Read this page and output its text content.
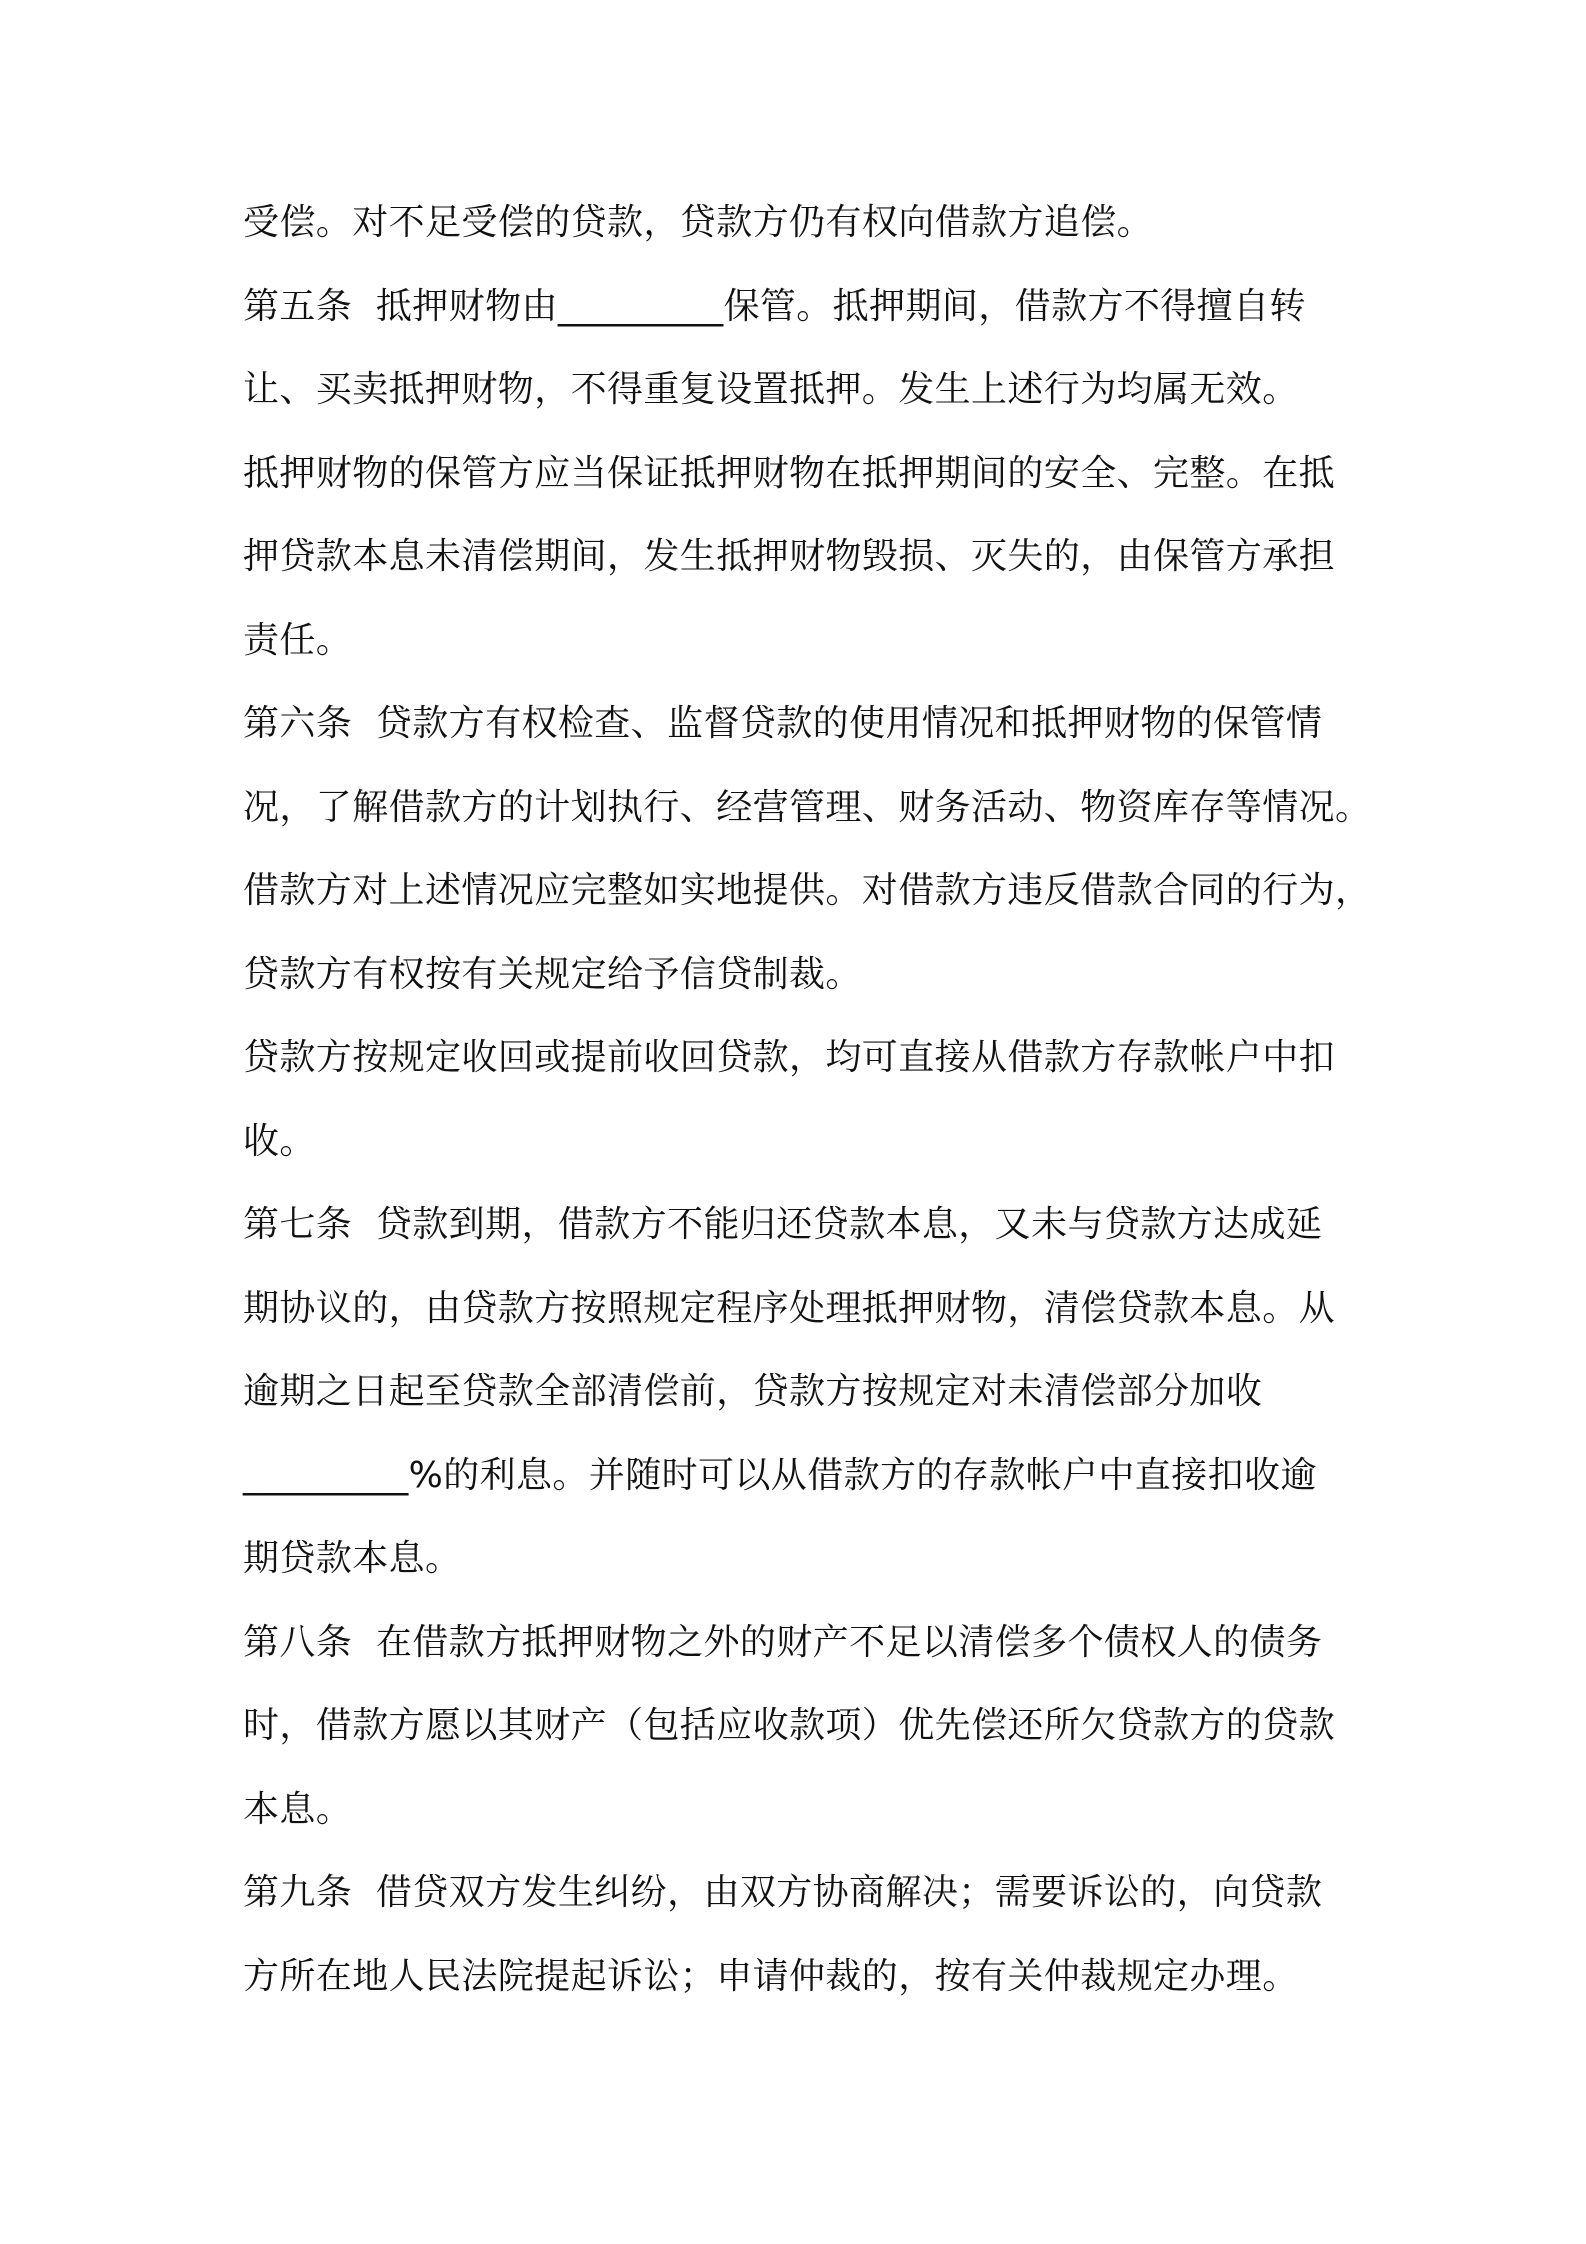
受偿。对不足受偿的贷款，贷款方仍有权向借款方追偿。
第五条  抵押财物由_________保管。抵押期间，借款方不得擅自转
让、买卖抵押财物，不得重复设置抵押。发生上述行为均属无效。
抵押财物的保管方应当保证抵押财物在抵押期间的安全、完整。在抵
押贷款本息未清偿期间，发生抵押财物毁损、灭失的，由保管方承担
责任。
第六条  贷款方有权检查、监督贷款的使用情况和抵押财物的保管情
况，了解借款方的计划执行、经营管理、财务活动、物资库存等情况。
借款方对上述情况应完整如实地提供。对借款方违反借款合同的行为，
贷款方有权按有关规定给予信贷制裁。
贷款方按规定收回或提前收回贷款，均可直接从借款方存款帐户中扣
收。
第七条  贷款到期，借款方不能归还贷款本息，又未与贷款方达成延
期协议的，由贷款方按照规定程序处理抵押财物，清偿贷款本息。从
逾期之日起至贷款全部清偿前，贷款方按规定对未清偿部分加收
_________%的利息。并随时可以从借款方的存款帐户中直接扣收逾
期贷款本息。
第八条  在借款方抵押财物之外的财产不足以清偿多个债权人的债务
时，借款方愿以其财产（包括应收款项）优先偿还所欠贷款方的贷款
本息。
第九条  借贷双方发生纠纷，由双方协商解决；需要诉讼的，向贷款
方所在地人民法院提起诉讼；申请仲裁的，按有关仲裁规定办理。
